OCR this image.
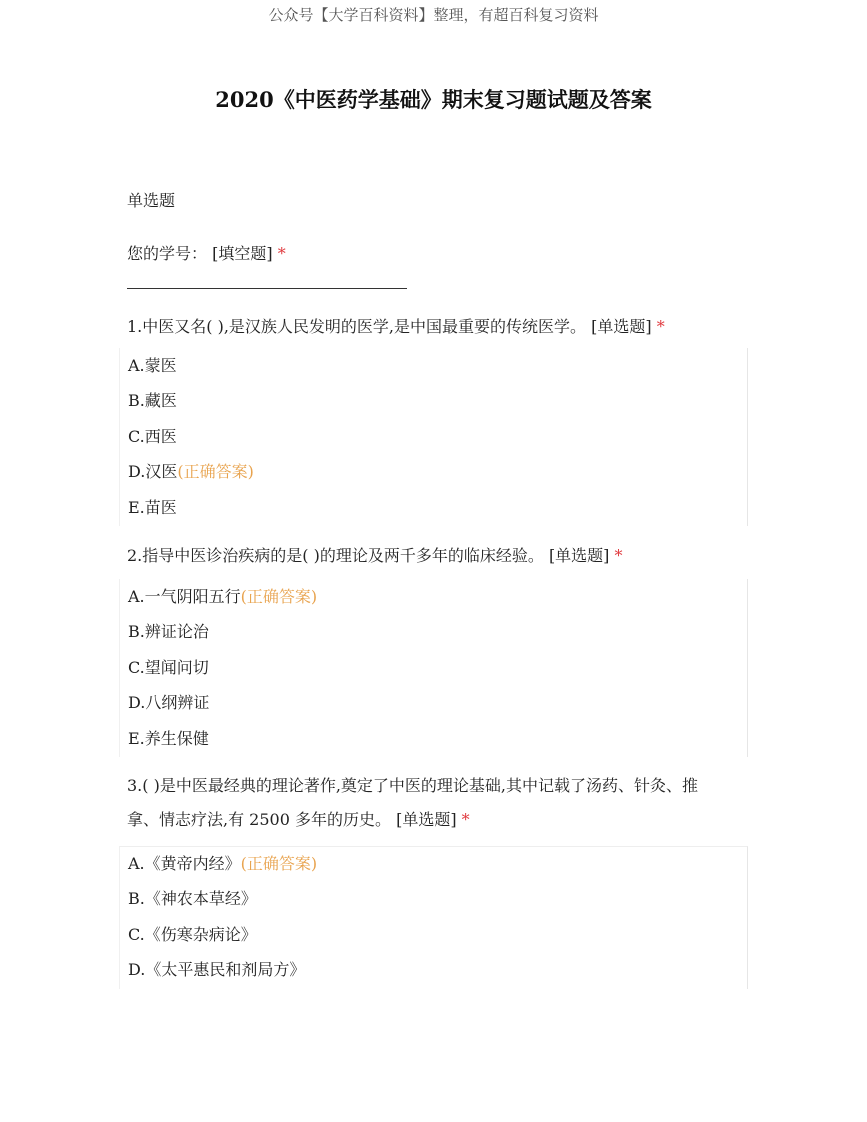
公众号【大学百科资料】整理，有超百科复习资料
2020《中医药学基础》期末复习题试题及答案
单选题
您的学号： [填空题] *
1.中医又名( ),是汉族人民发明的医学,是中国最重要的传统医学。 [单选题] *
A.蒙医
B.藏医
C.西医
D.汉医(正确答案)
E.苗医
2.指导中医诊治疾病的是( )的理论及两千多年的临床经验。 [单选题] *
A.一气阴阳五行(正确答案)
B.辨证论治
C.望闻问切
D.八纲辨证
E.养生保健
3.( )是中医最经典的理论著作,奠定了中医的理论基础,其中记载了汤药、针灸、推
拿、情志疗法,有 2500 多年的历史。 [单选题] *
A.《黄帝内经》(正确答案)
B.《神农本草经》
C.《伤寒杂病论》
D.《太平惠民和剂局方》
